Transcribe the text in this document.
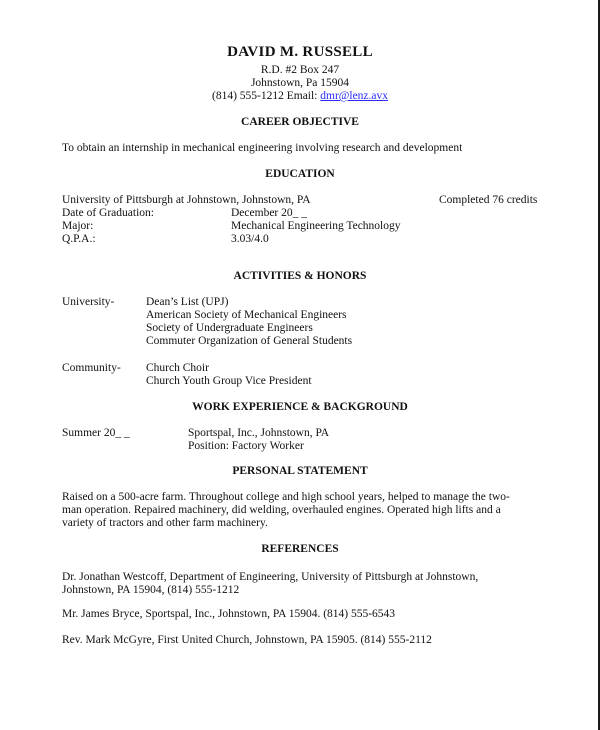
DAVID M. RUSSELL
R.D. #2 Box 247
Johnstown, Pa 15904
(814) 555-1212 Email: dmr@lenz.avx
CAREER OBJECTIVE
To obtain an internship in mechanical engineering involving research and development
EDUCATION
University of Pittsburgh at Johnstown, Johnstown, PA	Completed 76 credits
Date of Graduation:	December 20_ _
Major:	Mechanical Engineering Technology
Q.P.A.:	3.03/4.0
ACTIVITIES & HONORS
University-	Dean’s List (UPJ)
American Society of Mechanical Engineers
Society of Undergraduate Engineers
Commuter Organization of General Students
Community- Church Choir
Church Youth Group Vice President
WORK EXPERIENCE & BACKGROUND
Summer 20_ _	Sportspal, Inc., Johnstown, PA
Position: Factory Worker
PERSONAL STATEMENT
Raised on a 500-acre farm. Throughout college and high school years, helped to manage the two-
man operation. Repaired machinery, did welding, overhauled engines. Operated high lifts and a
variety of tractors and other farm machinery.
REFERENCES
Dr. Jonathan Westcoff, Department of Engineering, University of Pittsburgh at Johnstown,
Johnstown, PA 15904, (814) 555-1212
Mr. James Bryce, Sportspal, Inc., Johnstown, PA 15904. (814) 555-6543
Rev. Mark McGyre, First United Church, Johnstown, PA 15905. (814) 555-2112
